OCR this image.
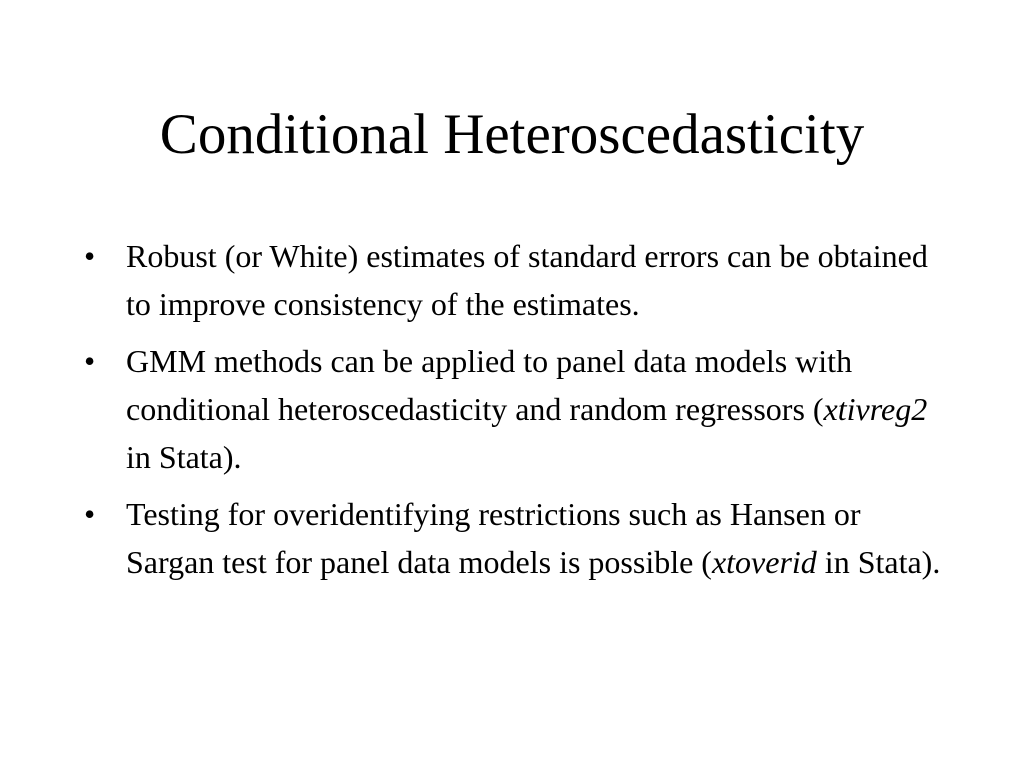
Conditional Heteroscedasticity
• Robust (or White) estimates of standard errors can be obtained to improve consistency of the estimates.
• GMM methods can be applied to panel data models with conditional heteroscedasticity and random regressors (xtivreg2 in Stata).
• Testing for overidentifying restrictions such as Hansen or Sargan test for panel data models is possible (xtoverid in Stata).
